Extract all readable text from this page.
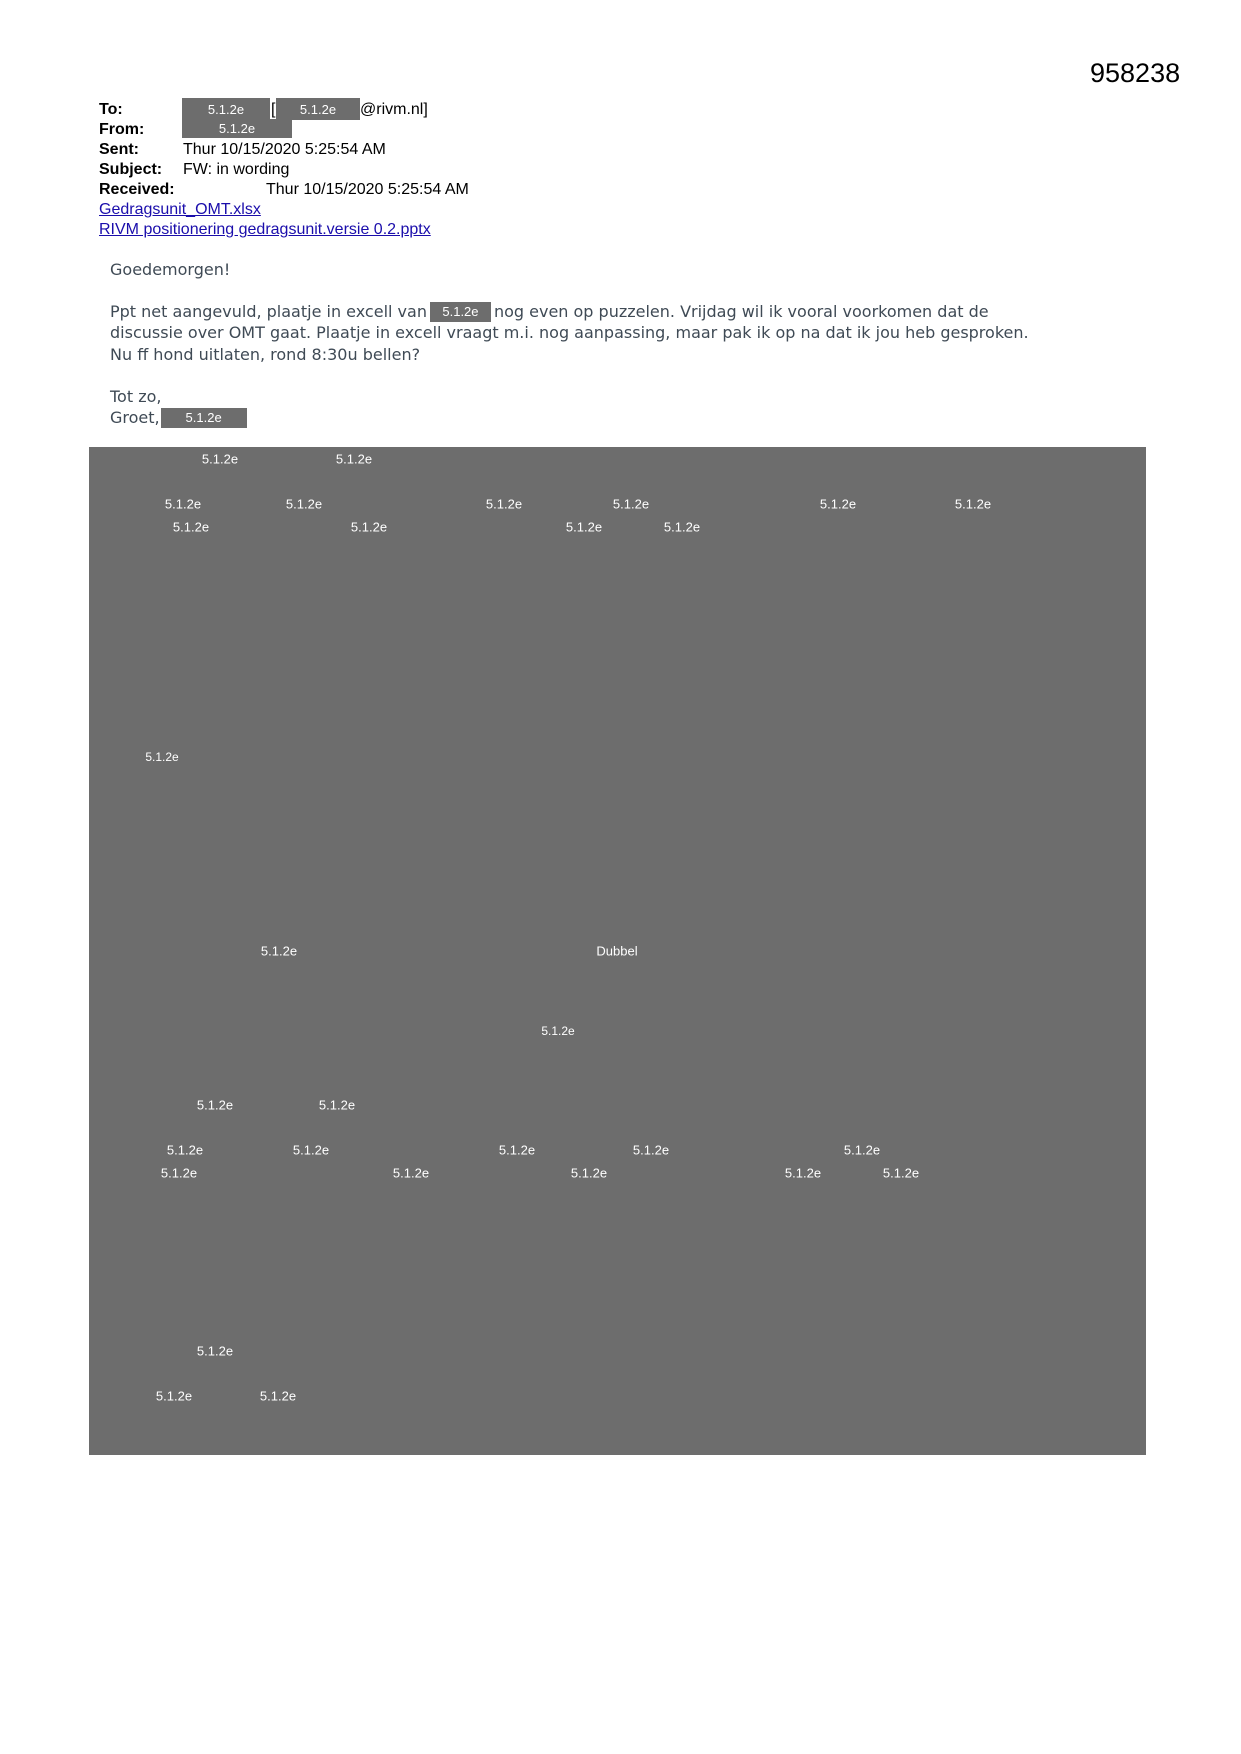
958238
To:	5.1.2e	[	5.1.2e	@rivm.nl]
From:	5.1.2e
Sent:	Thur 10/15/2020 5:25:54 AM
Subject: FW: in wording
Received:	Thur 10/15/2020 5:25:54 AM
Gedragsunit_OMT.xlsx
RIVM positionering gedragsunit.versie 0.2.pptx
Goedemorgen!
Ppt net aangevuld, plaatje in excell van 5.1.2e nog even op puzzelen. Vrijdag wil ik vooral voorkomen dat de
discussie over OMT gaat. Plaatje in excell vraagt m.i. nog aanpassing, maar pak ik op na dat ik jou heb gesproken.
Nu ff hond uitlaten, rond 8:30u bellen?
Tot zo,
Groet, 5.1.2e
5.1.2e	5.1.2e
5.1.2e	5.1.2e	5.1.2e	5.1.2e	5.1.2e	5.1.2e
5.1.2e	5.1.2e	5.1.2e	5.1.2e
5.1.2e
5.1.2e	Dubbel
5.1.2e
5.1.2e	5.1.2e
5.1.2e	5.1.2e	5.1.2e	5.1.2e	5.1.2e
5.1.2e	5.1.2e	5.1.2e	5.1.2e	5.1.2e
5.1.2e
5.1.2e	5.1.2e
